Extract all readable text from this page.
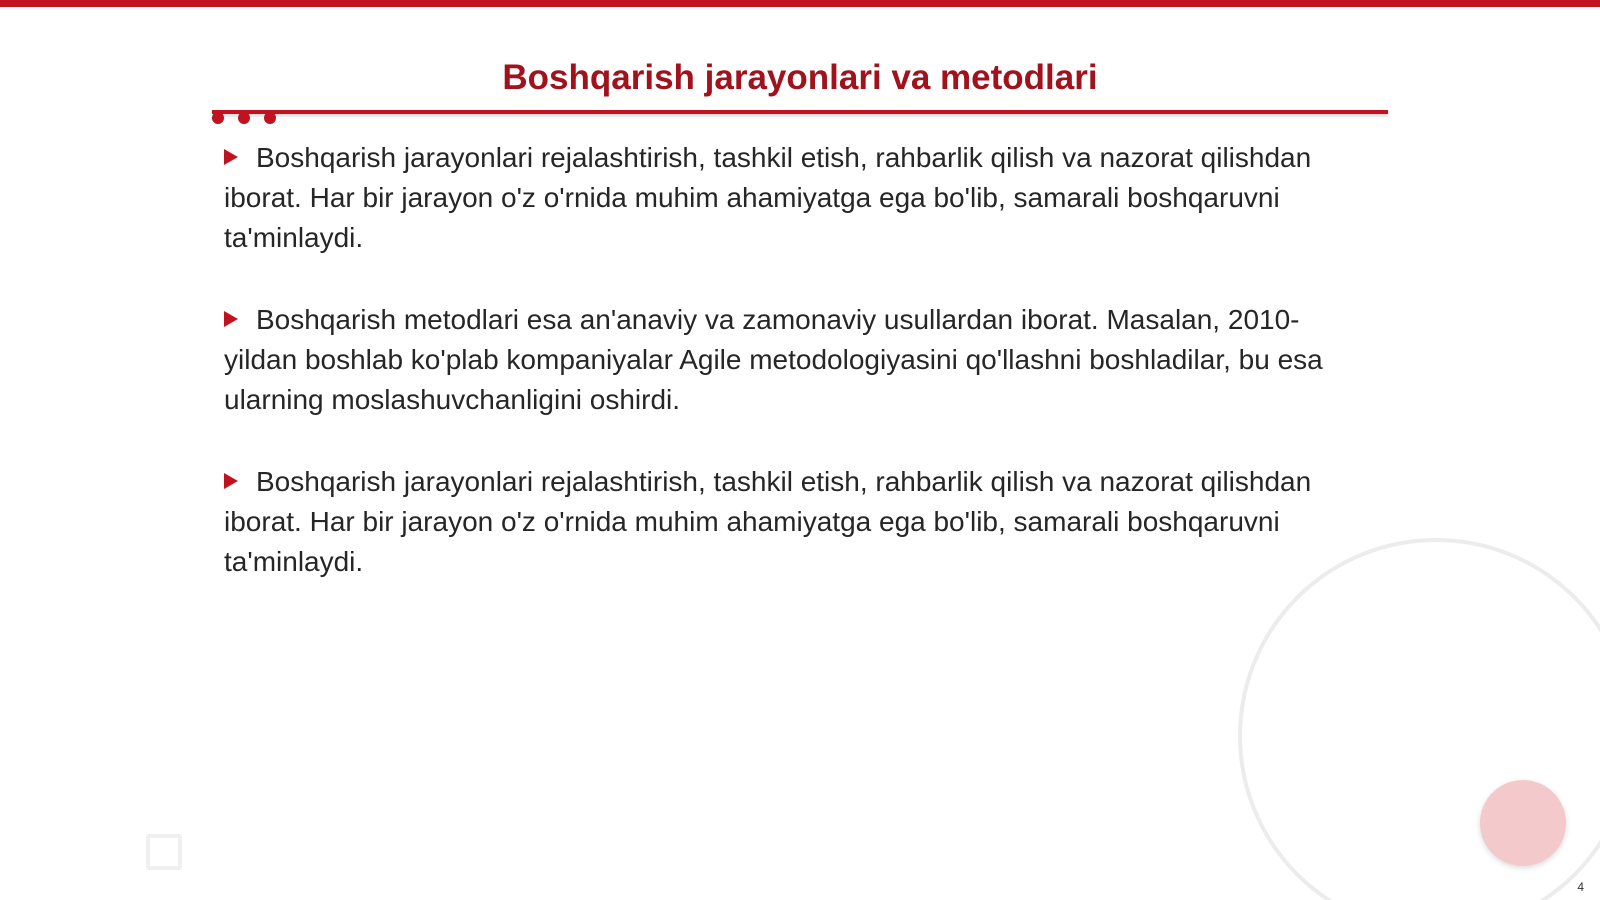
Boshqarish jarayonlari va metodlari
Boshqarish jarayonlari rejalashtirish, tashkil etish, rahbarlik qilish va nazorat qilishdan iborat. Har bir jarayon o'z o'rnida muhim ahamiyatga ega bo'lib, samarali boshqaruvni ta'minlaydi.
Boshqarish metodlari esa an'anaviy va zamonaviy usullardan iborat. Masalan, 2010-yildan boshlab ko'plab kompaniyalar Agile metodologiyasini qo'llashni boshladilar, bu esa ularning moslashuvchanligini oshirdi.
Boshqarish jarayonlari rejalashtirish, tashkil etish, rahbarlik qilish va nazorat qilishdan iborat. Har bir jarayon o'z o'rnida muhim ahamiyatga ega bo'lib, samarali boshqaruvni ta'minlaydi.
4
